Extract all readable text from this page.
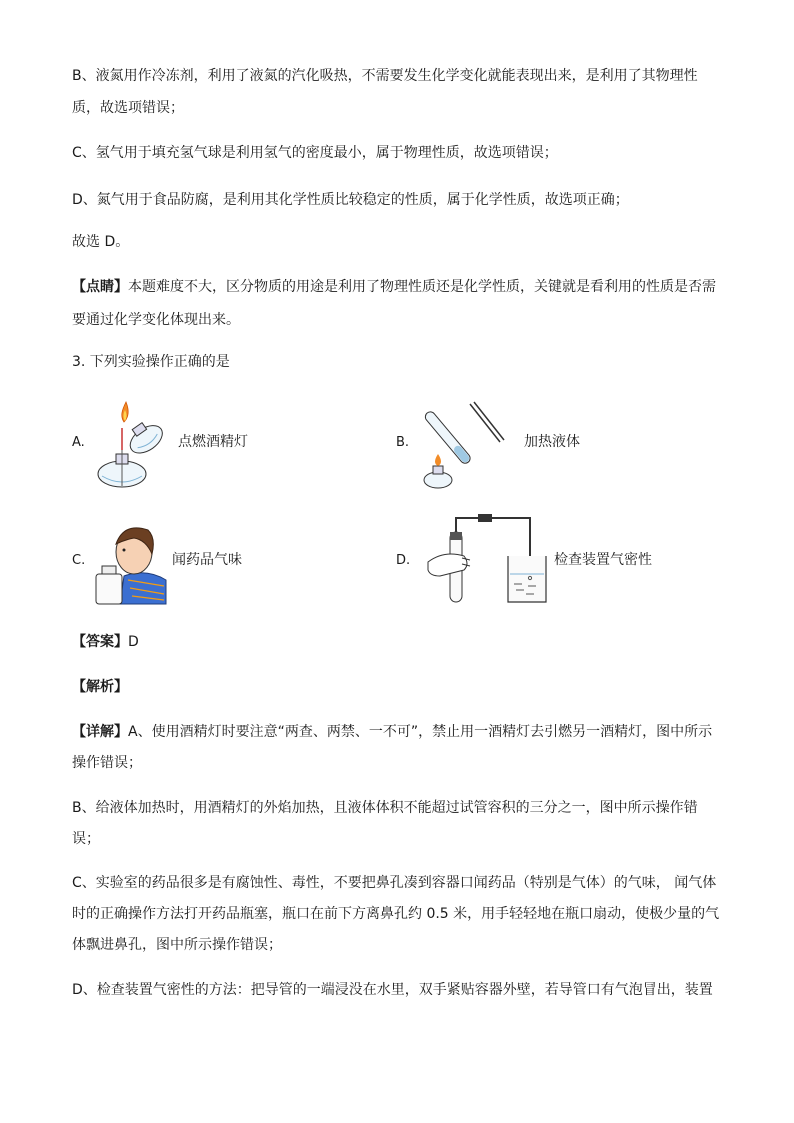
B、液氮用作冷冻剂，利用了液氮的汽化吸热，不需要发生化学变化就能表现出来，是利用了其物理性
质，故选项错误；
C、氢气用于填充氢气球是利用氢气的密度最小，属于物理性质，故选项错误；
D、氮气用于食品防腐，是利用其化学性质比较稳定的性质，属于化学性质，故选项正确；
故选 D。
【点睛】本题难度不大，区分物质的用途是利用了物理性质还是化学性质，关键就是看利用的性质是否需
要通过化学变化体现出来。
3. 下列实验操作正确的是
A.	点燃酒精灯	B.	加热液体
C.	闻药品气味	D.	检查装置气密性
【答案】D
【解析】
【详解】A、使用酒精灯时要注意“两查、两禁、一不可”，禁止用一酒精灯去引燃另一酒精灯，图中所示
操作错误；
B、给液体加热时，用酒精灯的外焰加热，且液体体积不能超过试管容积的三分之一，图中所示操作错
误；
C、实验室的药品很多是有腐蚀性、毒性，不要把鼻孔凑到容器口闻药品（特别是气体）的气味， 闻气体
时的正确操作方法打开药品瓶塞，瓶口在前下方离鼻孔约 0.5 米，用手轻轻地在瓶口扇动，使极少量的气
体飘进鼻孔，图中所示操作错误；
D、检查装置气密性的方法：把导管的一端浸没在水里，双手紧贴容器外壁，若导管口有气泡冒出，装置
